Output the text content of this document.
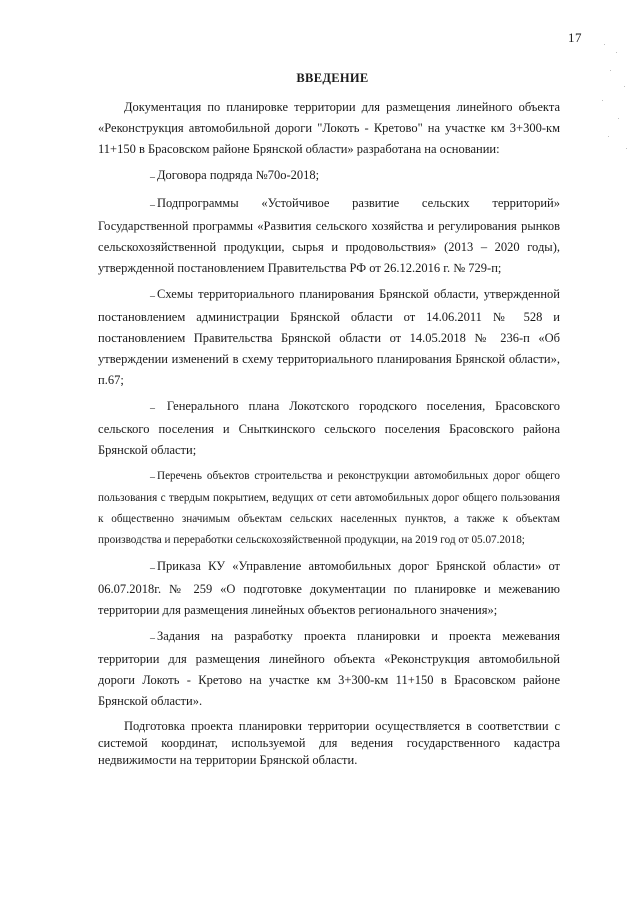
17
ВВЕДЕНИЕ

Документация по планировке территории для размещения линейного объекта «Реконструкция автомобильной дороги "Локоть - Кретово" на участке км 3+300-км 11+150 в Брасовском районе Брянской области» разработана на основании:

– Договора подряда №70о-2018;

– Подпрограммы «Устойчивое развитие сельских территорий» Государственной программы «Развития сельского хозяйства и регулирования рынков сельскохозяйственной продукции, сырья и продовольствия» (2013 – 2020 годы), утвержденной постановлением Правительства РФ от 26.12.2016 г. № 729-п;

– Схемы территориального планирования Брянской области, утвержденной постановлением администрации Брянской области от 14.06.2011 № 528 и постановлением Правительства Брянской области от 14.05.2018 № 236-п «Об утверждении изменений в схему территориального планирования Брянской области», п.67;

– Генерального плана Локотского городского поселения, Брасовского сельского поселения и Сныткинского сельского поселения Брасовского района Брянской области;

– Перечень объектов строительства и реконструкции автомобильных дорог общего пользования с твердым покрытием, ведущих от сети автомобильных дорог общего пользования к общественно значимым объектам сельских населенных пунктов, а также к объектам производства и переработки сельскохозяйственной продукции, на 2019 год от 05.07.2018;

– Приказа КУ «Управление автомобильных дорог Брянской области» от 06.07.2018г. № 259 «О подготовке документации по планировке и межеванию территории для размещения линейных объектов регионального значения»;

– Задания на разработку проекта планировки и проекта межевания территории для размещения линейного объекта «Реконструкция автомобильной дороги Локоть - Кретово на участке км 3+300-км 11+150 в Брасовском районе Брянской области».

Подготовка проекта планировки территории осуществляется в соответствии с системой координат, используемой для ведения государственного кадастра недвижимости на территории Брянской области.
